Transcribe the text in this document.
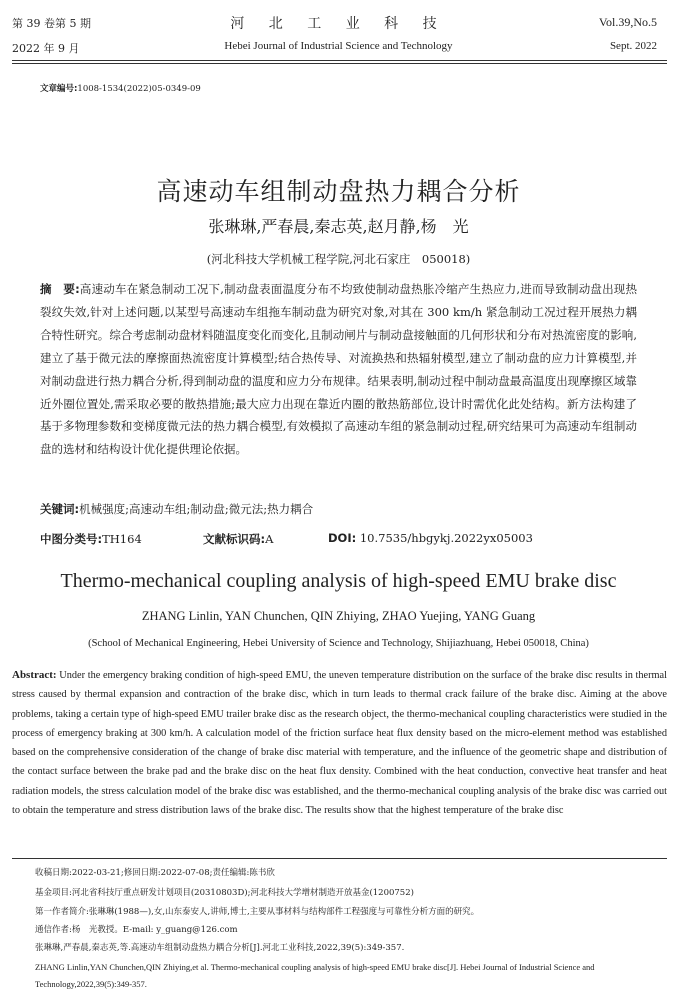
第 39 卷第 5 期
2022 年 9 月
河 北 工 业 科 技
Hebei Journal of Industrial Science and Technology
Vol.39,No.5
Sept. 2022
文章编号:1008-1534(2022)05-0349-09
高速动车组制动盘热力耦合分析
张琳琳,严春晨,秦志英,赵月静,杨　光
(河北科技大学机械工程学院,河北石家庄　050018)
摘　要:高速动车在紧急制动工况下,制动盘表面温度分布不均致使制动盘热胀冷缩产生热应力,进而导致制动盘出现热裂纹失效,针对上述问题,以某型号高速动车组拖车制动盘为研究对象,对其在 300 km/h 紧急制动工况过程开展热力耦合特性研究。综合考虑制动盘材料随温度变化而变化,且制动闸片与制动盘接触面的几何形状和分布对热流密度的影响,建立了基于微元法的摩擦面热流密度计算模型;结合热传导、对流换热和热辐射模型,建立了制动盘的应力计算模型,并对制动盘进行热力耦合分析,得到制动盘的温度和应力分布规律。结果表明,制动过程中制动盘最高温度出现摩擦区域靠近外圈位置处,需采取必要的散热措施;最大应力出现在靠近内圈的散热筋部位,设计时需优化此处结构。新方法构建了基于多物理参数和变梯度微元法的热力耦合模型,有效模拟了高速动车组的紧急制动过程,研究结果可为高速动车组制动盘的选材和结构设计优化提供理论依据。
关键词:机械强度;高速动车组;制动盘;微元法;热力耦合
中图分类号:TH164	文献标识码:A	DOI: 10.7535/hbgykj.2022yx05003
Thermo-mechanical coupling analysis of high-speed EMU brake disc
ZHANG Linlin, YAN Chunchen, QIN Zhiying, ZHAO Yuejing, YANG Guang
(School of Mechanical Engineering, Hebei University of Science and Technology, Shijiazhuang, Hebei 050018, China)
Abstract: Under the emergency braking condition of high-speed EMU, the uneven temperature distribution on the surface of the brake disc results in thermal stress caused by thermal expansion and contraction of the brake disc, which in turn leads to thermal crack failure of the brake disc. Aiming at the above problems, taking a certain type of high-speed EMU trailer brake disc as the research object, the thermo-mechanical coupling characteristics were studied in the process of emergency braking at 300 km/h. A calculation model of the friction surface heat flux density based on the micro-element method was established based on the comprehensive consideration of the change of brake disc material with temperature, and the influence of the geometric shape and distribution of the contact surface between the brake pad and the brake disc on the heat flux density. Combined with the heat conduction, convective heat transfer and heat radiation models, the stress calculation model of the brake disc was established, and the thermo-mechanical coupling analysis of the brake disc was carried out to obtain the temperature and stress distribution laws of the brake disc. The results show that the highest temperature of the brake disc
收稿日期:2022-03-21;修回日期:2022-07-08;责任编辑:陈书欣
基金项目:河北省科技厅重点研发计划项目(20310803D);河北科技大学增材制造开放基金(1200752)
第一作者简介:张琳琳(1988—),女,山东泰安人,讲师,博士,主要从事材料与结构部件工程强度与可靠性分析方面的研究。
通信作者:杨　光教授。E-mail: y_guang@126.com
张琳琳,严春晨,秦志英,等.高速动车组制动盘热力耦合分析[J].河北工业科技,2022,39(5):349-357.
ZHANG Linlin,YAN Chunchen,QIN Zhiying,et al. Thermo-mechanical coupling analysis of high-speed EMU brake disc[J]. Hebei Journal of Industrial Science and Technology,2022,39(5):349-357.
